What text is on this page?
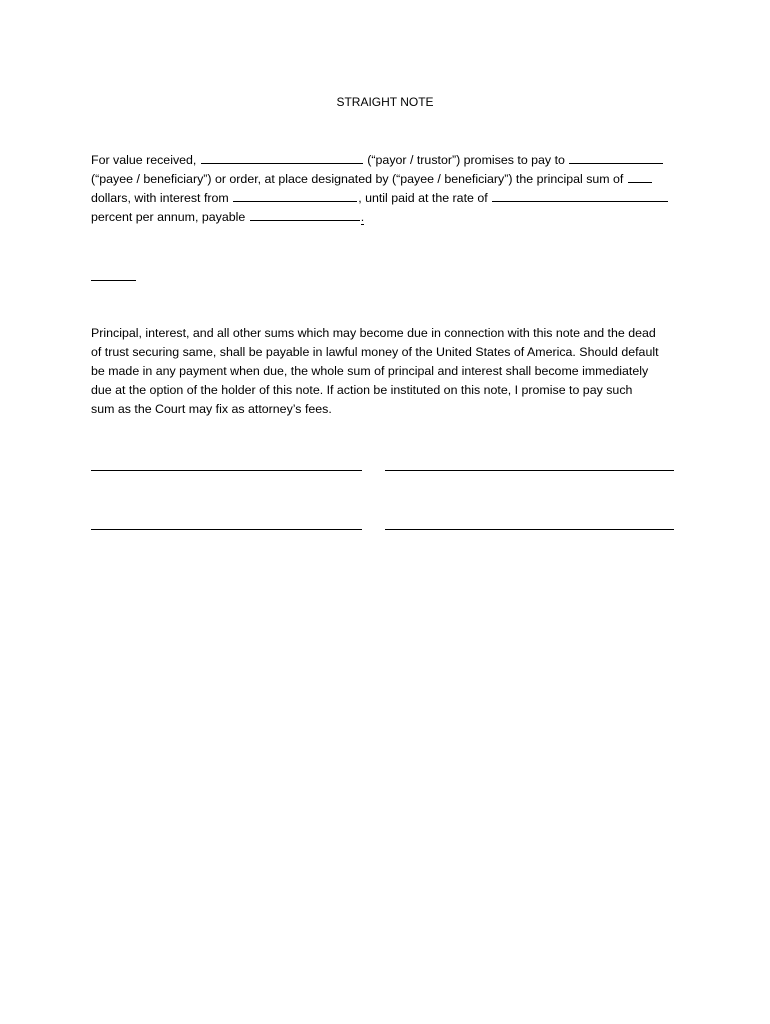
STRAIGHT NOTE
For value received,	(“payor / trustor”) promises to pay to
(“payee / beneficiary”) or order, at place designated by (“payee / beneficiary”) the principal sum of
dollars, with interest from	, until paid at the rate of
percent per annum, payable	.
Principal, interest, and all other sums which may become due in connection with this note and the dead
of trust securing same, shall be payable in lawful money of the United States of America. Should default
be made in any payment when due, the whole sum of principal and interest shall become immediately
due at the option of the holder of this note. If action be instituted on this note, I promise to pay such
sum as the Court may fix as attorney’s fees.
